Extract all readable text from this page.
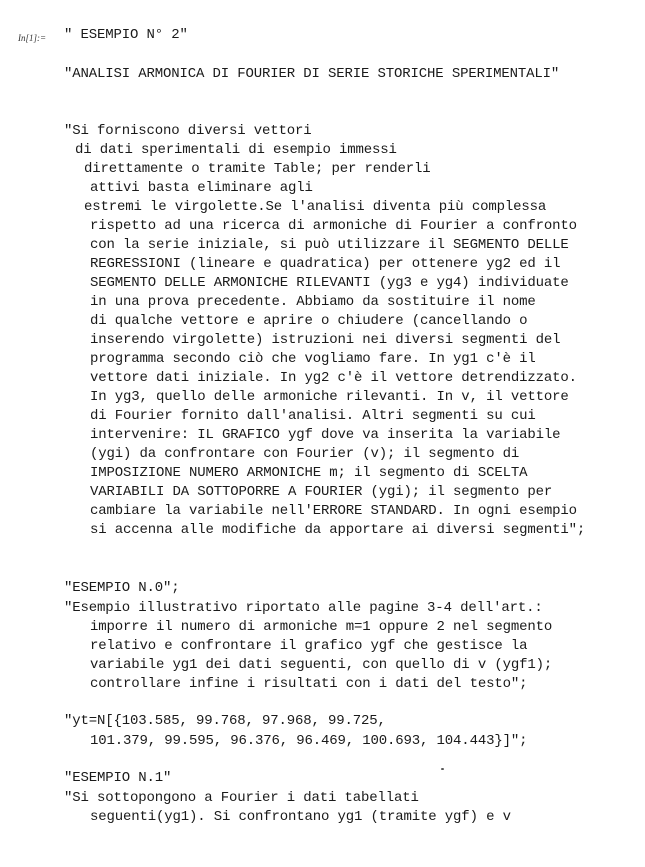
In[1]:= " ESEMPIO N° 2"
"ANALISI ARMONICA DI FOURIER DI SERIE STORICHE SPERIMENTALI"
"Si forniscono diversi vettori
di dati sperimentali di esempio immessi
direttamente o tramite Table; per renderli
attivi basta eliminare agli
estremi le virgolette.Se l'analisi diventa più complessa
rispetto ad una ricerca di armoniche di Fourier a confronto
con la serie iniziale, si può utilizzare il SEGMENTO DELLE
REGRESSIONI (lineare e quadratica) per ottenere yg2 ed il
SEGMENTO DELLE ARMONICHE RILEVANTI (yg3 e yg4) individuate
in una prova precedente. Abbiamo da sostituire il nome
di qualche vettore e aprire o chiudere (cancellando o
inserendo virgolette) istruzioni nei diversi segmenti del
programma secondo ciò che vogliamo fare. In yg1 c'è il
vettore dati iniziale. In yg2 c'è il vettore detrendizzato.
In yg3, quello delle armoniche rilevanti. In v, il vettore
di Fourier fornito dall'analisi. Altri segmenti su cui
intervenire: IL GRAFICO ygf dove va inserita la variabile
(ygi) da confrontare con Fourier (v); il segmento di
IMPOSIZIONE NUMERO ARMONICHE m; il segmento di SCELTA
VARIABILI DA SOTTOPORRE A FOURIER (ygi); il segmento per
cambiare la variabile nell'ERRORE STANDARD. In ogni esempio
si accenna alle modifiche da apportare ai diversi segmenti";
"ESEMPIO N.0";
"Esempio illustrativo riportato alle pagine 3-4 dell'art.:
imporre il numero di armoniche m=1 oppure 2 nel segmento
relativo e confrontare il grafico ygf che gestisce la
variabile yg1 dei dati seguenti, con quello di v (ygf1);
controllare infine i risultati con i dati del testo";
"yt=N[{103.585, 99.768, 97.968, 99.725,
101.379, 99.595, 96.376, 96.469, 100.693, 104.443}]";
"ESEMPIO N.1"
"Si sottopongono a Fourier i dati tabellati
seguenti(yg1). Si confrontano yg1 (tramite ygf) e v
